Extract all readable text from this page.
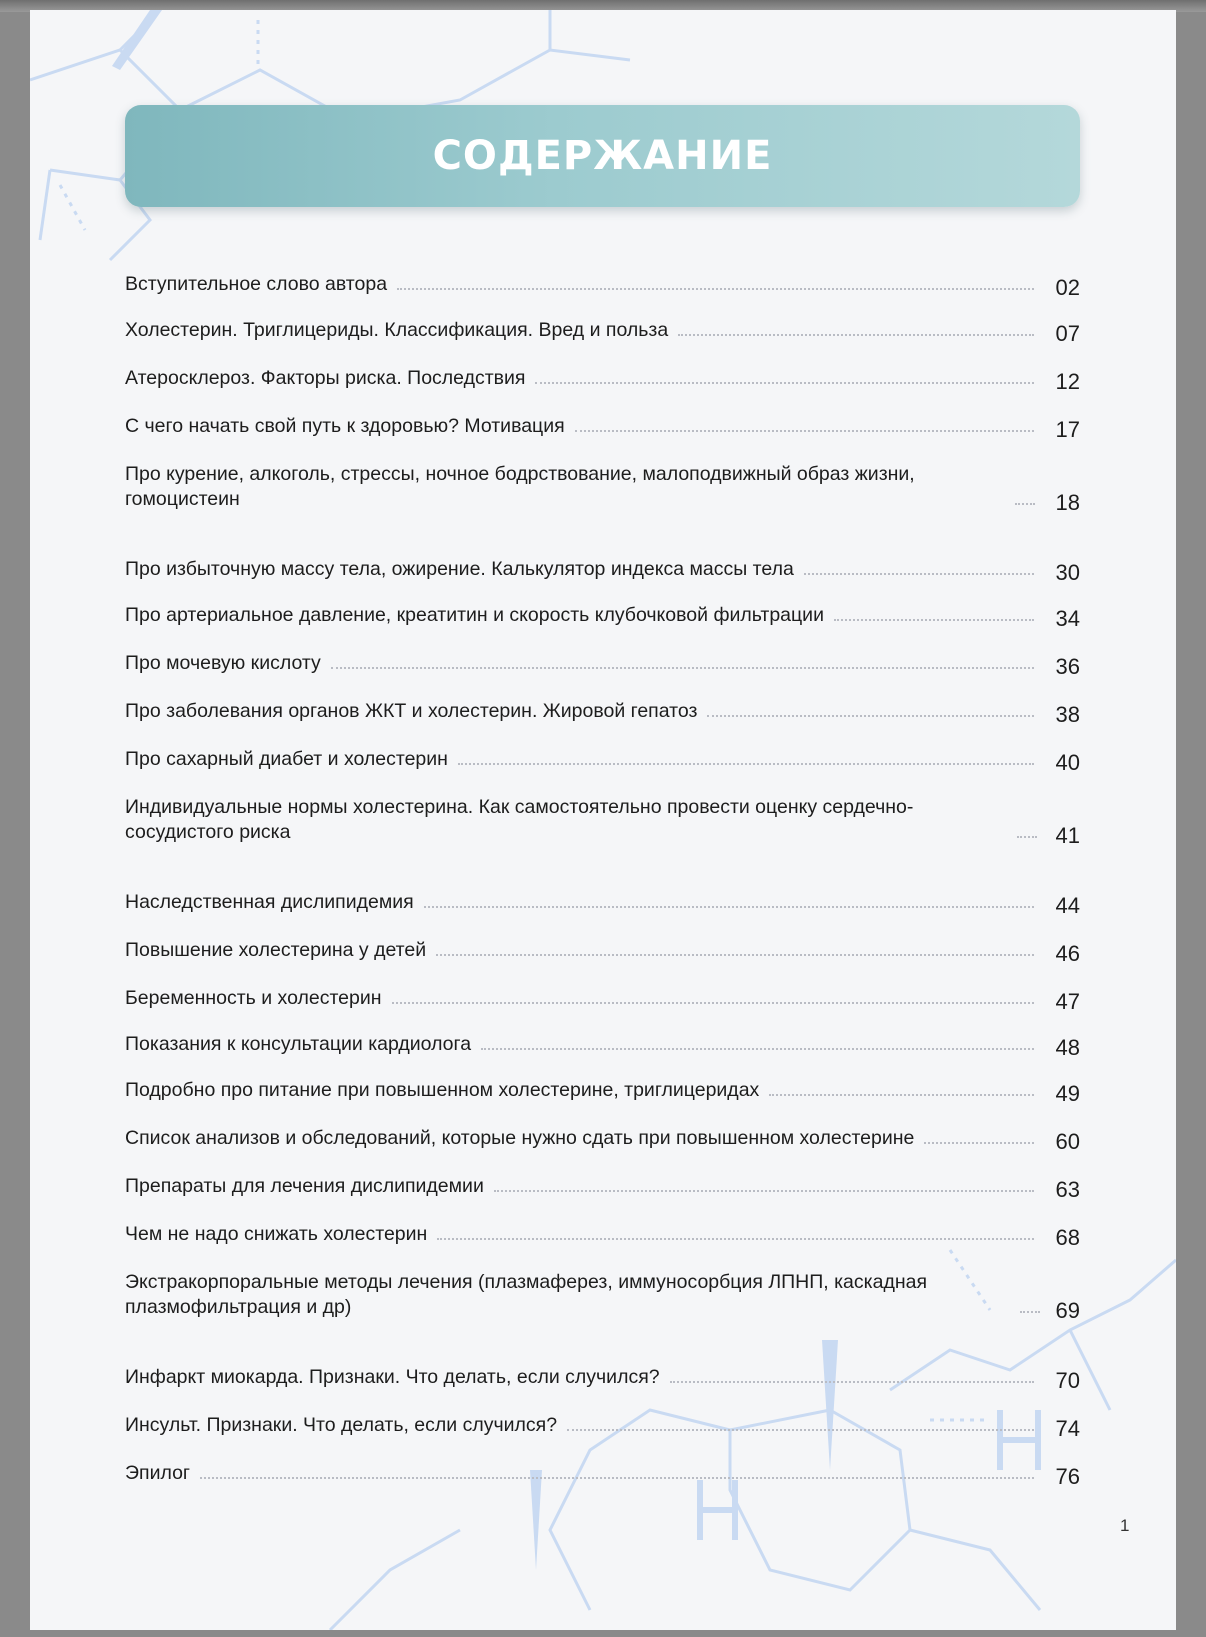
СОДЕРЖАНИЕ
Вступительное слово автора	02
Холестерин. Триглицериды. Классификация. Вред и польза	07
Атеросклероз. Факторы риска. Последствия	12
С чего начать свой путь к здоровью? Мотивация	17
Про курение, алкоголь, стрессы, ночное бодрствование, малоподвижный образ жизни, гомоцистеин	18
Про избыточную массу тела, ожирение. Калькулятор индекса массы тела	30
Про артериальное давление, креатитин и скорость клубочковой фильтрации	34
Про мочевую кислоту	36
Про заболевания органов ЖКТ и холестерин. Жировой гепатоз	38
Про сахарный диабет и холестерин	40
Индивидуальные нормы холестерина. Как самостоятельно провести оценку сердечно-сосудистого риска	41
Наследственная дислипидемия	44
Повышение холестерина у детей	46
Беременность и холестерин	47
Показания к консультации кардиолога	48
Подробно про питание при повышенном холестерине, триглицеридах	49
Список анализов и обследований, которые нужно сдать при повышенном холестерине	60
Препараты для лечения дислипидемии	63
Чем не надо снижать холестерин	68
Экстракорпоральные методы лечения (плазмаферез, иммуносорбция ЛПНП, каскадная плазмофильтрация и др)	69
Инфаркт миокарда. Признаки. Что делать, если случился?	70
Инсульт. Признаки. Что делать, если случился?	74
Эпилог	76
1
